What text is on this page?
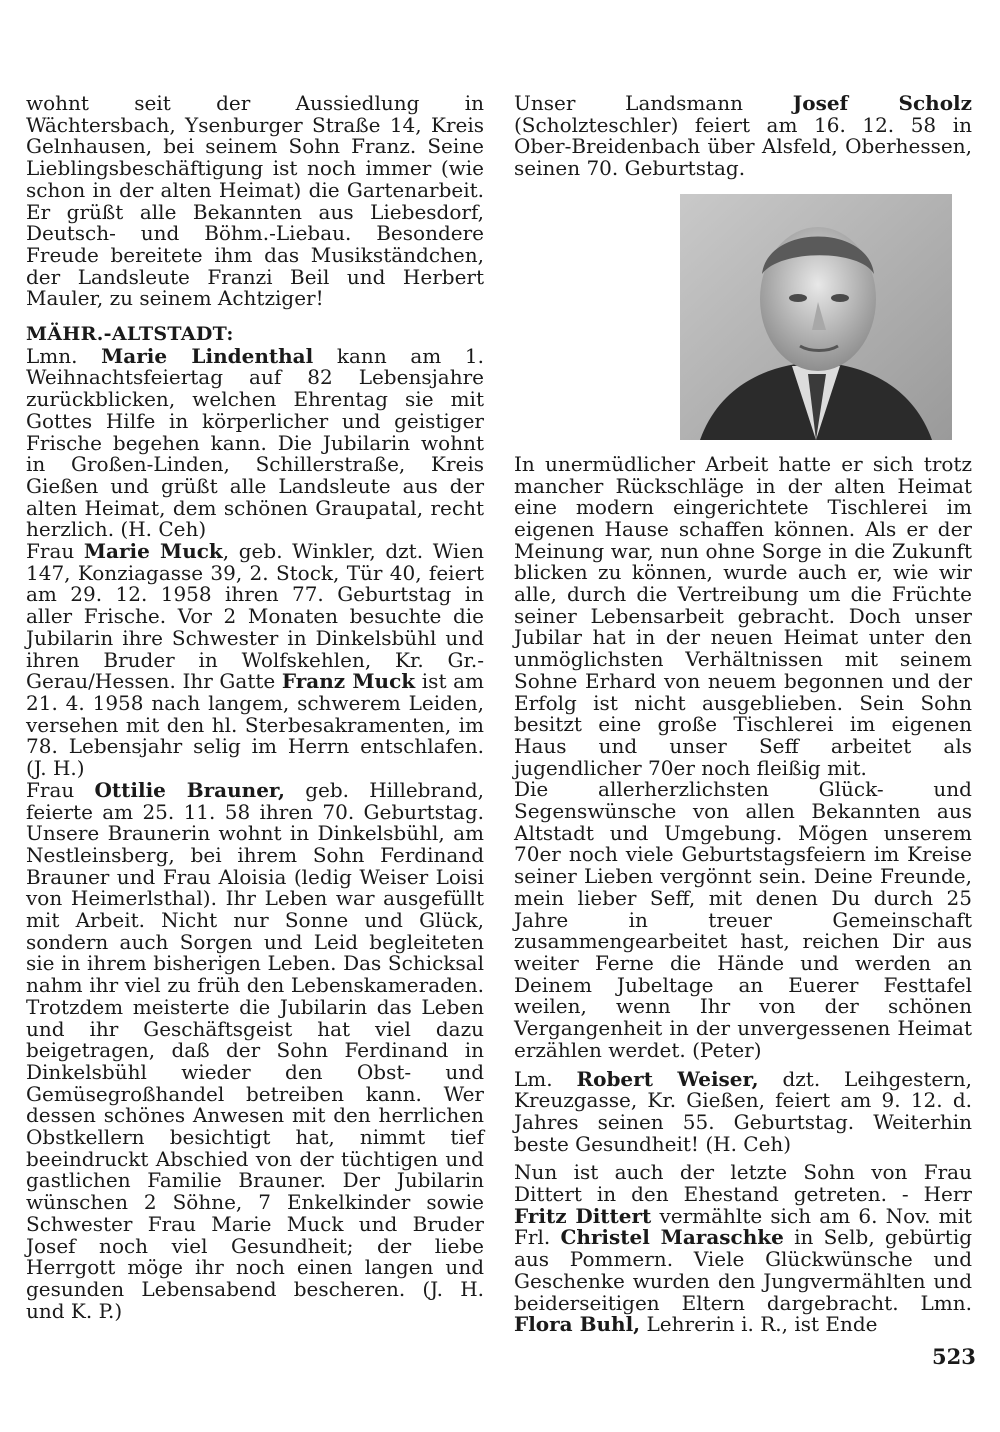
wohnt seit der Aussiedlung in Wächtersbach, Ysenburger Straße 14, Kreis Gelnhausen, bei seinem Sohn Franz. Seine Lieblingsbeschäftigung ist noch immer (wie schon in der alten Heimat) die Gartenarbeit. Er grüßt alle Bekannten aus Liebesdorf, Deutsch- und Böhm.-Liebau. Besondere Freude bereitete ihm das Musikständchen, der Landsleute Franzi Beil und Herbert Mauler, zu seinem Achtziger!

MÄHR.-ALTSTADT:

Lmn. Marie Lindenthal kann am 1. Weihnachtsfeiertag auf 82 Lebensjahre zurückblicken, welchen Ehrentag sie mit Gottes Hilfe in körperlicher und geistiger Frische begehen kann. Die Jubilarin wohnt in Großen-Linden, Schillerstraße, Kreis Gießen und grüßt alle Landsleute aus der alten Heimat, dem schönen Graupatal, recht herzlich. (H. Ceh)

Frau Marie Muck, geb. Winkler, dzt. Wien 147, Konziagasse 39, 2. Stock, Tür 40, feiert am 29. 12. 1958 ihren 77. Geburtstag in aller Frische. Vor 2 Monaten besuchte die Jubilarin ihre Schwester in Dinkelsbühl und ihren Bruder in Wolfskehlen, Kr. Gr.-Gerau/Hessen. Ihr Gatte Franz Muck ist am 21. 4. 1958 nach langem, schwerem Leiden, versehen mit den hl. Sterbesakramenten, im 78. Lebensjahr selig im Herrn entschlafen. (J. H.)

Frau Ottilie Brauner, geb. Hillebrand, feierte am 25. 11. 58 ihren 70. Geburtstag. Unsere Braunerin wohnt in Dinkelsbühl, am Nestleinsberg, bei ihrem Sohn Ferdinand Brauner und Frau Aloisia (ledig Weiser Loisi von Heimerlsthal). Ihr Leben war ausgefüllt mit Arbeit. Nicht nur Sonne und Glück, sondern auch Sorgen und Leid begleiteten sie in ihrem bisherigen Leben. Das Schicksal nahm ihr viel zu früh den Lebenskameraden. Trotzdem meisterte die Jubilarin das Leben und ihr Geschäftsgeist hat viel dazu beigetragen, daß der Sohn Ferdinand in Dinkelsbühl wieder den Obst- und Gemüsegroßhandel betreiben kann. Wer dessen schönes Anwesen mit den herrlichen Obstkellern besichtigt hat, nimmt tief beeindruckt Abschied von der tüchtigen und gastlichen Familie Brauner. Der Jubilarin wünschen 2 Söhne, 7 Enkelkinder sowie Schwester Frau Marie Muck und Bruder Josef noch viel Gesundheit; der liebe Herrgott möge ihr noch einen langen und gesunden Lebensabend bescheren. (J. H. und K. P.)

Unser Landsmann Josef Scholz (Scholzteschler) feiert am 16. 12. 58 in Ober-Breidenbach über Alsfeld, Oberhessen, seinen 70. Geburtstag.

In unermüdlicher Arbeit hatte er sich trotz mancher Rückschläge in der alten Heimat eine modern eingerichtete Tischlerei im eigenen Hause schaffen können. Als er der Meinung war, nun ohne Sorge in die Zukunft blicken zu können, wurde auch er, wie wir alle, durch die Vertreibung um die Früchte seiner Lebensarbeit gebracht. Doch unser Jubilar hat in der neuen Heimat unter den unmöglichsten Verhältnissen mit seinem Sohne Erhard von neuem begonnen und der Erfolg ist nicht ausgeblieben. Sein Sohn besitzt eine große Tischlerei im eigenen Haus und unser Seff arbeitet als jugendlicher 70er noch fleißig mit.

Die allerherzlichsten Glück- und Segenswünsche von allen Bekannten aus Altstadt und Umgebung. Mögen unserem 70er noch viele Geburtstagsfeiern im Kreise seiner Lieben vergönnt sein. Deine Freunde, mein lieber Seff, mit denen Du durch 25 Jahre in treuer Gemeinschaft zusammengearbeitet hast, reichen Dir aus weiter Ferne die Hände und werden an Deinem Jubeltage an Euerer Festtafel weilen, wenn Ihr von der schönen Vergangenheit in der unvergessenen Heimat erzählen werdet. (Peter)

Lm. Robert Weiser, dzt. Leihgestern, Kreuzgasse, Kr. Gießen, feiert am 9. 12. d. Jahres seinen 55. Geburtstag. Weiterhin beste Gesundheit! (H. Ceh)

Nun ist auch der letzte Sohn von Frau Dittert in den Ehestand getreten. - Herr Fritz Dittert vermählte sich am 6. Nov. mit Frl. Christel Maraschke in Selb, gebürtig aus Pommern. Viele Glückwünsche und Geschenke wurden den Jungvermählten und beiderseitigen Eltern dargebracht. Lmn. Flora Buhl, Lehrerin i. R., ist Ende

523
